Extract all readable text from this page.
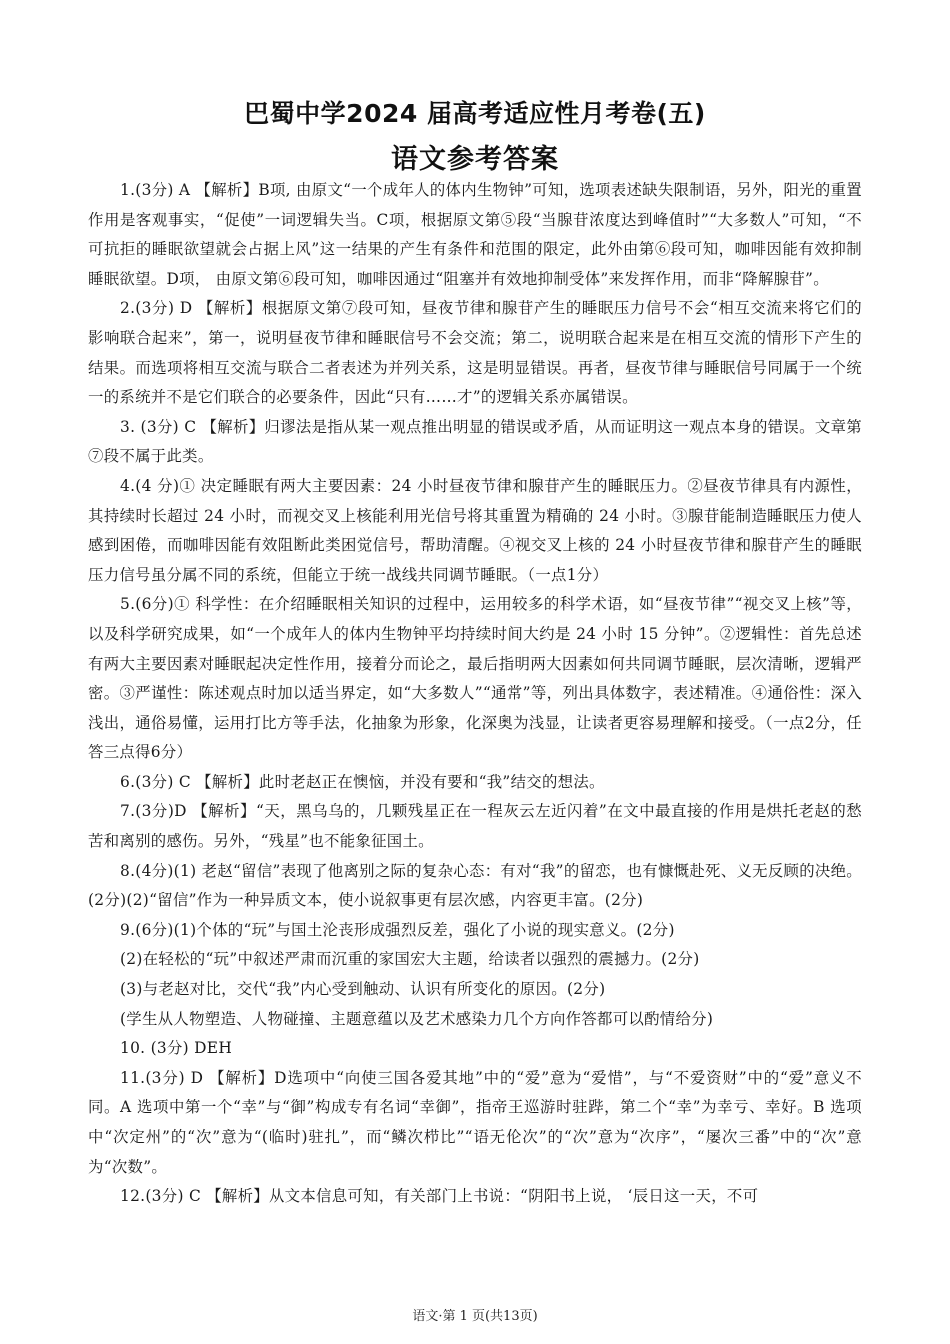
巴蜀中学2024 届高考适应性月考卷(五)
语文参考答案

1.(3分) A 【解析】B项, 由原文“一个成年人的体内生物钟”可知，选项表述缺失限制语，另外，阳光的重置作用是客观事实，“促使”一词逻辑失当。C项，根据原文第⑤段“当腺苷浓度达到峰值时”“大多数人”可知，“不可抗拒的睡眠欲望就会占据上风”这一结果的产生有条件和范围的限定，此外由第⑥段可知，咖啡因能有效抑制睡眠欲望。D项， 由原文第⑥段可知，咖啡因通过“阻塞并有效地抑制受体”来发挥作用，而非“降解腺苷”。

2.(3分) D 【解析】根据原文第⑦段可知，昼夜节律和腺苷产生的睡眠压力信号不会“相互交流来将它们的影响联合起来”，第一，说明昼夜节律和睡眠信号不会交流；第二，说明联合起来是在相互交流的情形下产生的结果。而选项将相互交流与联合二者表述为并列关系，这是明显错误。再者，昼夜节律与睡眠信号同属于一个统一的系统并不是它们联合的必要条件，因此“只有……才”的逻辑关系亦属错误。

3. (3分) C 【解析】归谬法是指从某一观点推出明显的错误或矛盾，从而证明这一观点本身的错误。文章第⑦段不属于此类。

4.(4 分)① 决定睡眠有两大主要因素：24 小时昼夜节律和腺苷产生的睡眠压力。②昼夜节律具有内源性，其持续时长超过 24 小时，而视交叉上核能利用光信号将其重置为精确的 24 小时。③腺苷能制造睡眠压力使人感到困倦，而咖啡因能有效阻断此类困觉信号，帮助清醒。④视交叉上核的 24 小时昼夜节律和腺苷产生的睡眠压力信号虽分属不同的系统，但能立于统一战线共同调节睡眠。（一点1分）

5.(6分)① 科学性：在介绍睡眠相关知识的过程中，运用较多的科学术语，如“昼夜节律”“视交叉上核”等，以及科学研究成果，如“一个成年人的体内生物钟平均持续时间大约是 24 小时 15 分钟”。②逻辑性：首先总述有两大主要因素对睡眠起决定性作用，接着分而论之，最后指明两大因素如何共同调节睡眠，层次清晰，逻辑严密。③严谨性：陈述观点时加以适当界定，如“大多数人”“通常”等，列出具体数字，表述精准。④通俗性：深入浅出，通俗易懂，运用打比方等手法，化抽象为形象，化深奥为浅显，让读者更容易理解和接受。（一点2分，任答三点得6分）

6.(3分) C 【解析】此时老赵正在懊恼，并没有要和“我”结交的想法。

7.(3分)D 【解析】“天，黑乌乌的，几颗残星正在一程灰云左近闪着”在文中最直接的作用是烘托老赵的愁苦和离别的感伤。另外，“残星”也不能象征国土。

8.(4分)(1) 老赵“留信”表现了他离别之际的复杂心态：有对“我”的留恋，也有慷慨赴死、义无反顾的决绝。(2分)(2)“留信”作为一种异质文本，使小说叙事更有层次感，内容更丰富。(2分)

9.(6分)(1)个体的“玩”与国土沦丧形成强烈反差，强化了小说的现实意义。(2分)

(2)在轻松的“玩”中叙述严肃而沉重的家国宏大主题，给读者以强烈的震撼力。(2分)

(3)与老赵对比，交代“我”内心受到触动、认识有所变化的原因。(2分)

(学生从人物塑造、人物碰撞、主题意蕴以及艺术感染力几个方向作答都可以酌情给分)

10. (3分) DEH

11.(3分) D 【解析】D选项中“向使三国各爱其地”中的“爱”意为“爱惜”，与“不爱资财”中的“爱”意义不同。A 选项中第一个“幸”与“御”构成专有名词“幸御”，指帝王巡游时驻跸，第二个“幸”为幸亏、幸好。B 选项中“次定州”的“次”意为“(临时)驻扎”，而“鳞次栉比”“语无伦次”的“次”意为“次序”，“屡次三番”中的“次”意为“次数”。

12.(3分) C 【解析】从文本信息可知，有关部门上书说：“阴阳书上说， ‘辰日这一天，不可

语文·第 1 页(共13页)
